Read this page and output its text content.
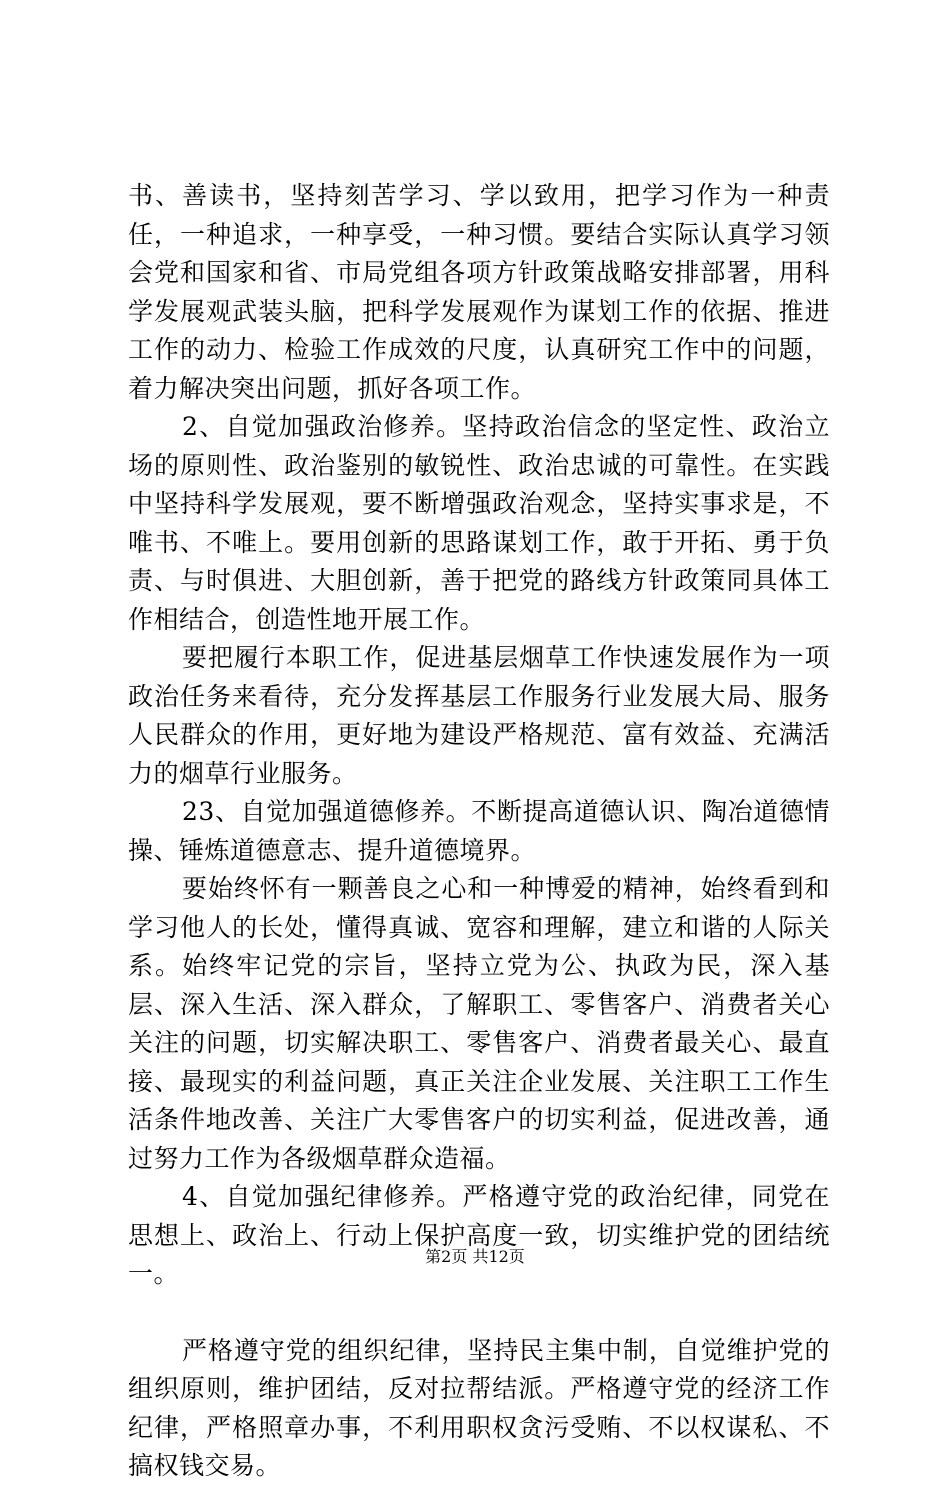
书、善读书，坚持刻苦学习、学以致用，把学习作为一种责任，一种追求，一种享受，一种习惯。要结合实际认真学习领会党和国家和省、市局党组各项方针政策战略安排部署，用科学发展观武装头脑，把科学发展观作为谋划工作的依据、推进工作的动力、检验工作成效的尺度，认真研究工作中的问题，着力解决突出问题，抓好各项工作。

2、自觉加强政治修养。坚持政治信念的坚定性、政治立场的原则性、政治鉴别的敏锐性、政治忠诚的可靠性。在实践中坚持科学发展观，要不断增强政治观念，坚持实事求是，不唯书、不唯上。要用创新的思路谋划工作，敢于开拓、勇于负责、与时俱进、大胆创新，善于把党的路线方针政策同具体工作相结合，创造性地开展工作。

要把履行本职工作，促进基层烟草工作快速发展作为一项政治任务来看待，充分发挥基层工作服务行业发展大局、服务人民群众的作用，更好地为建设严格规范、富有效益、充满活力的烟草行业服务。

23、自觉加强道德修养。不断提高道德认识、陶冶道德情操、锤炼道德意志、提升道德境界。

要始终怀有一颗善良之心和一种博爱的精神，始终看到和学习他人的长处，懂得真诚、宽容和理解，建立和谐的人际关系。始终牢记党的宗旨，坚持立党为公、执政为民，深入基层、深入生活、深入群众，了解职工、零售客户、消费者关心关注的问题，切实解决职工、零售客户、消费者最关心、最直接、最现实的利益问题，真正关注企业发展、关注职工工作生活条件地改善、关注广大零售客户的切实利益，促进改善，通过努力工作为各级烟草群众造福。

4、自觉加强纪律修养。严格遵守党的政治纪律，同党在思想上、政治上、行动上保护高度一致，切实维护党的团结统一。

严格遵守党的组织纪律，坚持民主集中制，自觉维护党的组织原则，维护团结，反对拉帮结派。严格遵守党的经济工作纪律，严格照章办事，不利用职权贪污受贿、不以权谋私、不搞权钱交易。

第2页 共12页
